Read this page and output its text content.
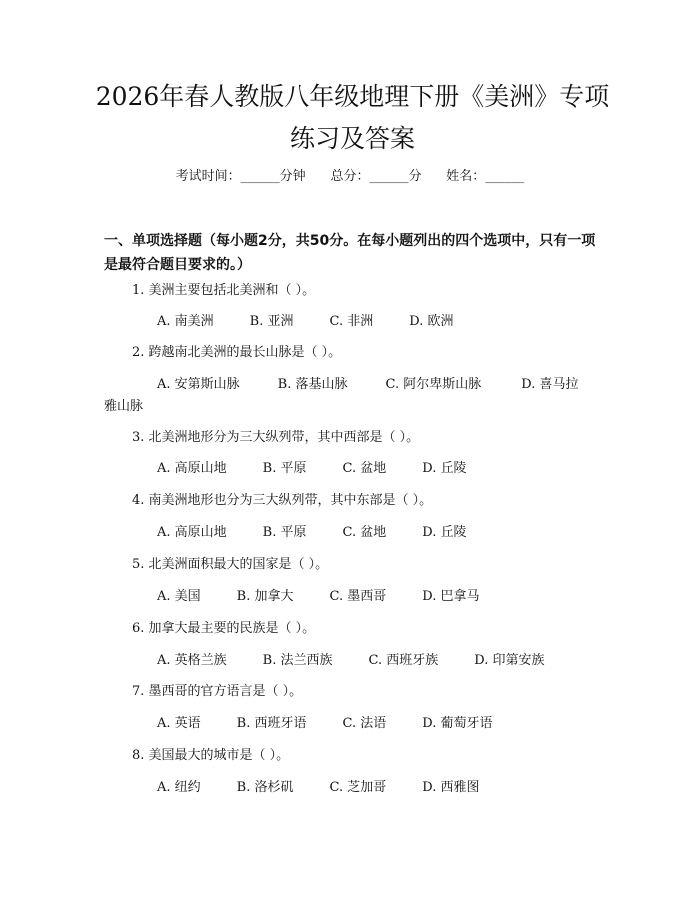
2026年春人教版八年级地理下册《美洲》专项练习及答案
考试时间：______分钟 总分：______分 姓名：______
一、单项选择题（每小题2分，共50分。在每小题列出的四个选项中，只有一项是最符合题目要求的。）
1. 美洲主要包括北美洲和（ ）。
A. 南美洲	B. 亚洲	C. 非洲	D. 欧洲
2. 跨越南北美洲的最长山脉是（ ）。
A. 安第斯山脉	B. 落基山脉	C. 阿尔卑斯山脉	D. 喜马拉
雅山脉
3. 北美洲地形分为三大纵列带，其中西部是（ ）。
A. 高原山地	B. 平原	C. 盆地	D. 丘陵
4. 南美洲地形也分为三大纵列带，其中东部是（ ）。
A. 高原山地	B. 平原	C. 盆地	D. 丘陵
5. 北美洲面积最大的国家是（ ）。
A. 美国	B. 加拿大	C. 墨西哥	D. 巴拿马
6. 加拿大最主要的民族是（ ）。
A. 英格兰族	B. 法兰西族	C. 西班牙族	D. 印第安族
7. 墨西哥的官方语言是（ ）。
A. 英语	B. 西班牙语	C. 法语	D. 葡萄牙语
8. 美国最大的城市是（ ）。
A. 纽约	B. 洛杉矶	C. 芝加哥	D. 西雅图
